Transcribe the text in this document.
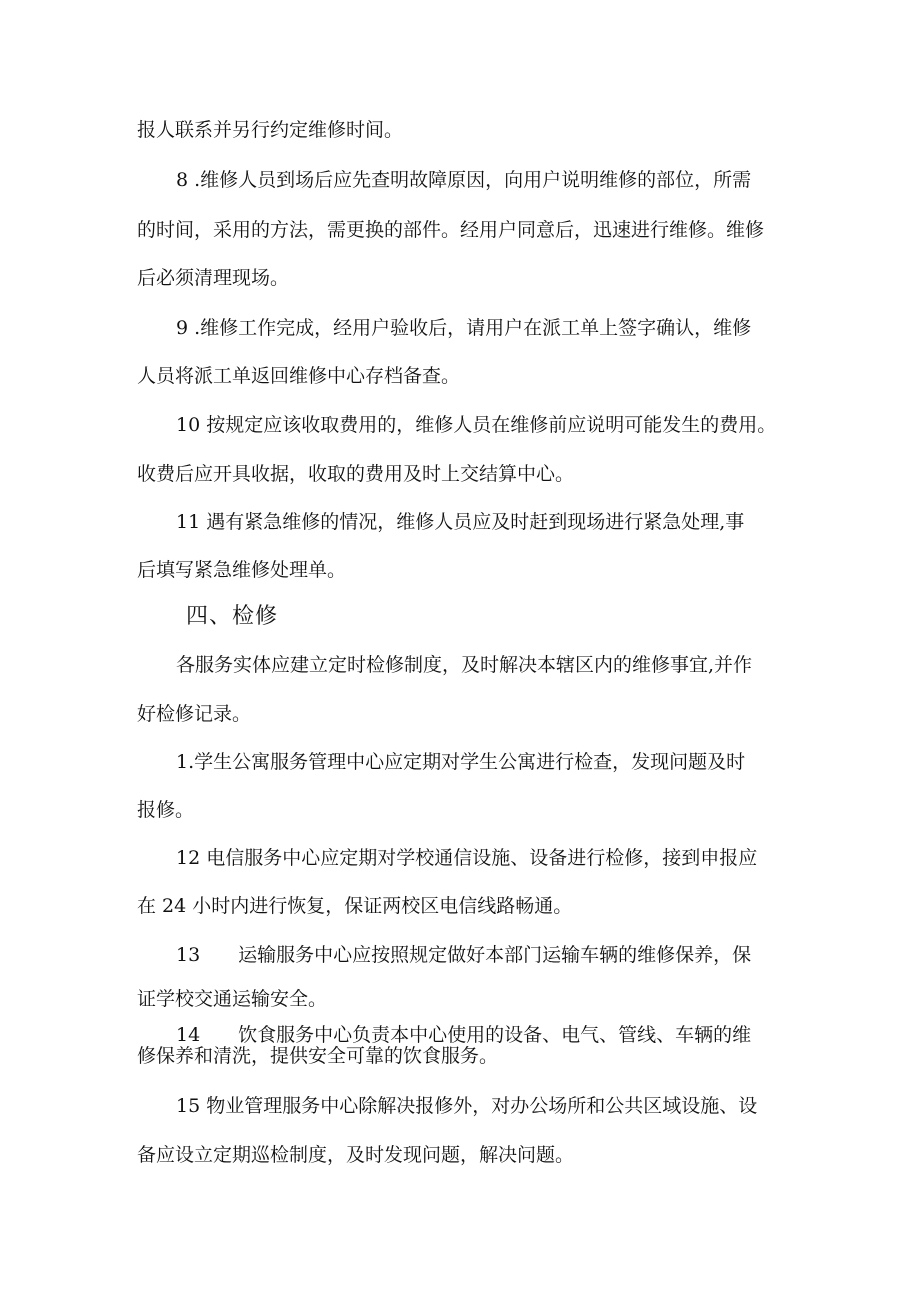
报人联系并另行约定维修时间。
8 .维修人员到场后应先查明故障原因，向用户说明维修的部位，所需
的时间，采用的方法，需更换的部件。经用户同意后，迅速进行维修。维修
后必须清理现场。
9 .维修工作完成，经用户验收后，请用户在派工单上签字确认，维修
人员将派工单返回维修中心存档备查。
10 按规定应该收取费用的，维修人员在维修前应说明可能发生的费用。
收费后应开具收据，收取的费用及时上交结算中心。
11 遇有紧急维修的情况，维修人员应及时赶到现场进行紧急处理,事
后填写紧急维修处理单。
四、检修
各服务实体应建立定时检修制度，及时解决本辖区内的维修事宜,并作
好检修记录。
1.学生公寓服务管理中心应定期对学生公寓进行检查，发现问题及时
报修。
12 电信服务中心应定期对学校通信设施、设备进行检修，接到申报应
在 24 小时内进行恢复，保证两校区电信线路畅通。
13　　运输服务中心应按照规定做好本部门运输车辆的维修保养，保
证学校交通运输安全。
14　　饮食服务中心负责本中心使用的设备、电气、管线、车辆的维
修保养和清洗，提供安全可靠的饮食服务。
15 物业管理服务中心除解决报修外，对办公场所和公共区域设施、设
备应设立定期巡检制度，及时发现问题，解决问题。
